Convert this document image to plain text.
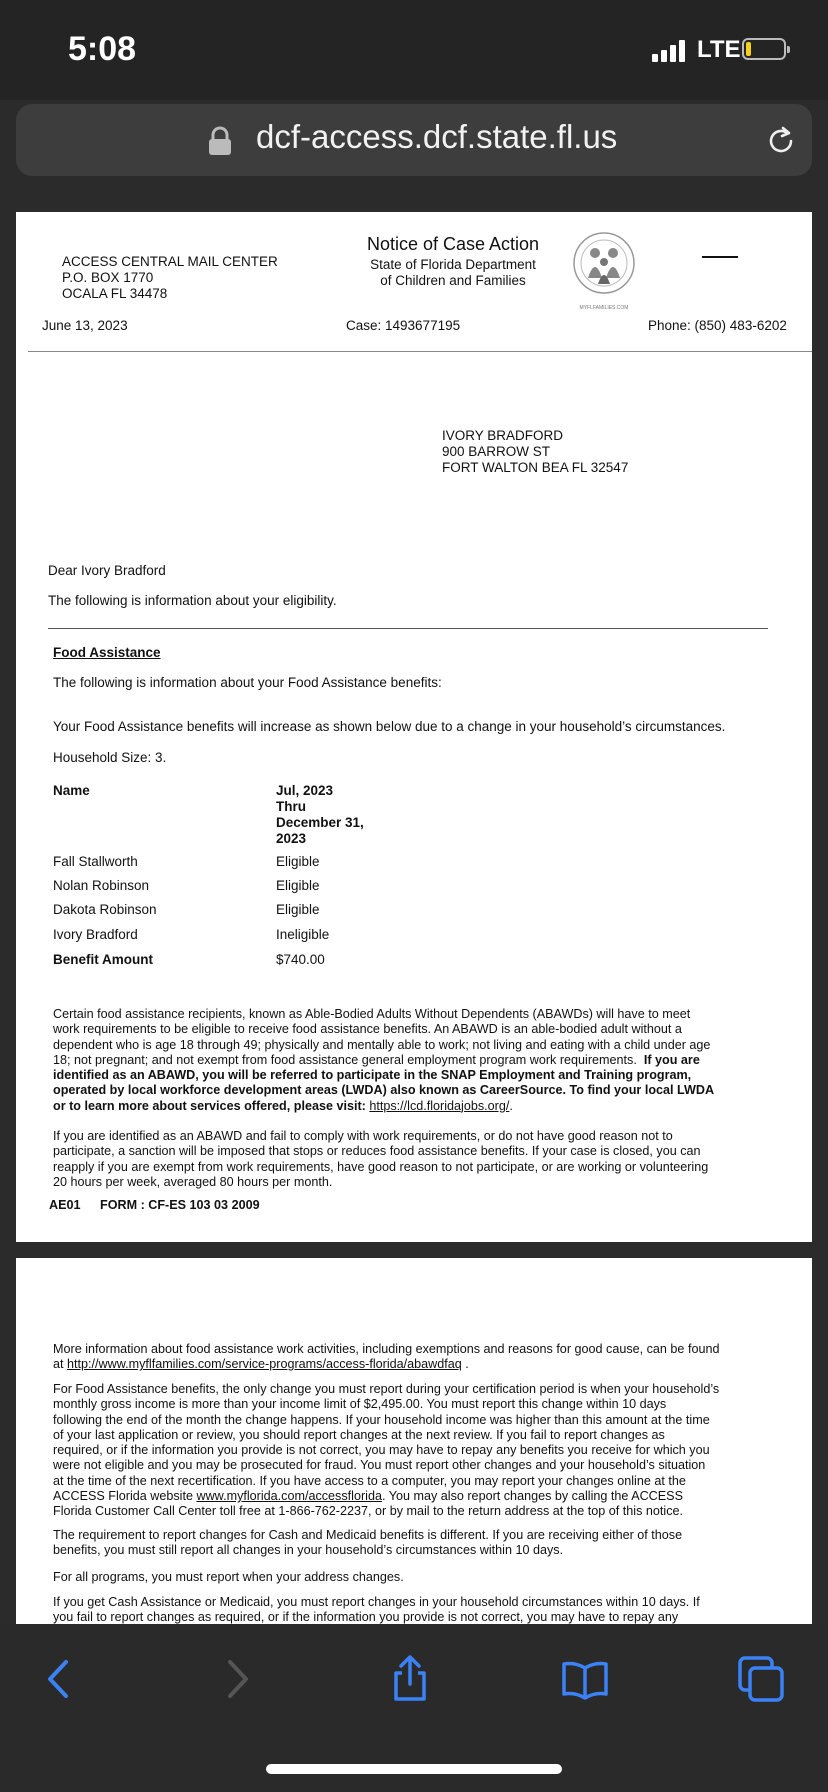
5:08	LTE
dcf-access.dcf.state.fl.us
ACCESS CENTRAL MAIL CENTER
P.O. BOX 1770
OCALA FL 34478
Notice of Case Action
State of Florida Department
of Children and Families
MYFLFAMILIES.COM
June 13, 2023	Case: 1493677195	Phone: (850) 483-6202
IVORY BRADFORD
900 BARROW ST
FORT WALTON BEA FL 32547
Dear Ivory Bradford
The following is information about your eligibility.
Food Assistance
The following is information about your Food Assistance benefits:
Your Food Assistance benefits will increase as shown below due to a change in your household’s circumstances.
Household Size: 3.
Name	Jul, 2023
Thru
December 31,
2023
Fall Stallworth	Eligible
Nolan Robinson	Eligible
Dakota Robinson	Eligible
Ivory Bradford	Ineligible
Benefit Amount	$740.00
Certain food assistance recipients, known as Able-Bodied Adults Without Dependents (ABAWDs) will have to meet
work requirements to be eligible to receive food assistance benefits. An ABAWD is an able-bodied adult without a
dependent who is age 18 through 49; physically and mentally able to work; not living and eating with a child under age
18; not pregnant; and not exempt from food assistance general employment program work requirements. If you are
identified as an ABAWD, you will be referred to participate in the SNAP Employment and Training program,
operated by local workforce development areas (LWDA) also known as CareerSource. To find your local LWDA
or to learn more about services offered, please visit: https://lcd.floridajobs.org/.
If you are identified as an ABAWD and fail to comply with work requirements, or do not have good reason not to
participate, a sanction will be imposed that stops or reduces food assistance benefits. If your case is closed, you can
reapply if you are exempt from work requirements, have good reason to not participate, or are working or volunteering
20 hours per week, averaged 80 hours per month.
AE01 FORM : CF-ES 103 03 2009
More information about food assistance work activities, including exemptions and reasons for good cause, can be found
at http://www.myflfamilies.com/service-programs/access-florida/abawdfaq .
For Food Assistance benefits, the only change you must report during your certification period is when your household’s
monthly gross income is more than your income limit of $2,495.00. You must report this change within 10 days
following the end of the month the change happens. If your household income was higher than this amount at the time
of your last application or review, you should report changes at the next review. If you fail to report changes as
required, or if the information you provide is not correct, you may have to repay any benefits you receive for which you
were not eligible and you may be prosecuted for fraud. You must report other changes and your household’s situation
at the time of the next recertification. If you have access to a computer, you may report your changes online at the
ACCESS Florida website www.myflorida.com/accessflorida. You may also report changes by calling the ACCESS
Florida Customer Call Center toll free at 1-866-762-2237, or by mail to the return address at the top of this notice.
The requirement to report changes for Cash and Medicaid benefits is different. If you are receiving either of those
benefits, you must still report all changes in your household’s circumstances within 10 days.
For all programs, you must report when your address changes.
If you get Cash Assistance or Medicaid, you must report changes in your household circumstances within 10 days. If
you fail to report changes as required, or if the information you provide is not correct, you may have to repay any
